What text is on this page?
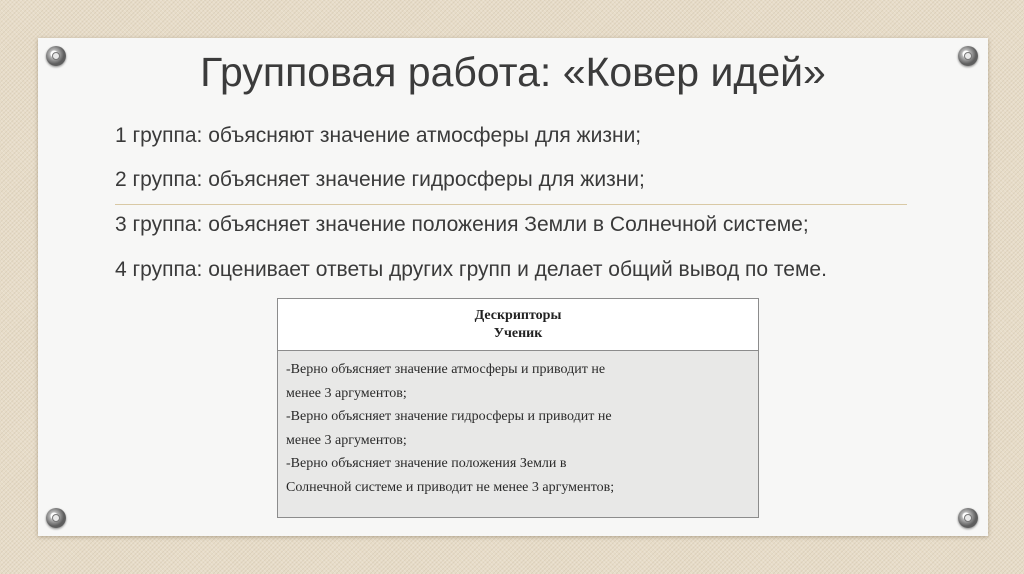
Групповая работа: «Ковер идей»
1 группа: объясняют значение атмосферы для жизни;
2 группа: объясняет значение гидросферы для жизни;
3 группа: объясняет значение положения Земли в Солнечной системе;
4 группа: оценивает ответы других групп и делает общий вывод по теме.
Дескрипторы
Ученик
-Верно объясняет значение атмосферы и приводит не
менее 3 аргументов;
-Верно объясняет значение гидросферы и приводит не
менее 3 аргументов;
-Верно объясняет значение положения Земли в
Солнечной системе и приводит не менее 3 аргументов;
